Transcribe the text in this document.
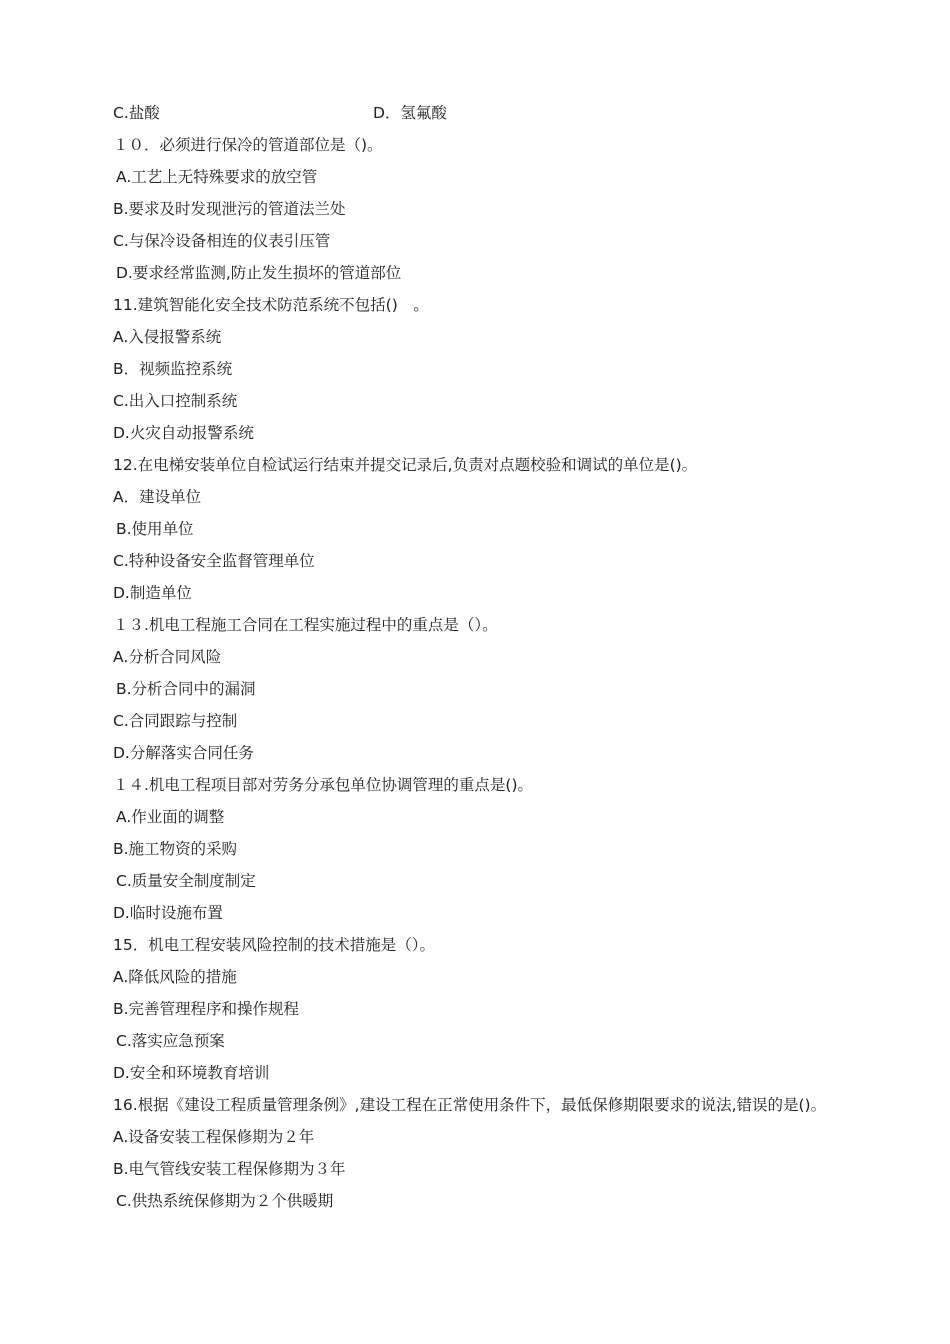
C.盐酸	D．氢氟酸
１０．必须进行保冷的管道部位是（)。
A.工艺上无特殊要求的放空管
B.要求及时发现泄污的管道法兰处
C.与保冷设备相连的仪表引压管
D.要求经常监测,防止发生损坏的管道部位
11.建筑智能化安全技术防范系统不包括()　。
A.入侵报警系统
B．视频监控系统
C.出入口控制系统
D.火灾自动报警系统
12.在电梯安装单位自检试运行结束并提交记录后,负责对点题校验和调试的单位是()。
A．建设单位
B.使用单位
C.特种设备安全监督管理单位
D.制造单位
１３.机电工程施工合同在工程实施过程中的重点是（）。
A.分析合同风险
B.分析合同中的漏洞
C.合同跟踪与控制
D.分解落实合同任务
１４.机电工程项目部对劳务分承包单位协调管理的重点是()。
A.作业面的调整
B.施工物资的采购
C.质量安全制度制定
D.临时设施布置
15．机电工程安装风险控制的技术措施是（）。
A.降低风险的措施
B.完善管理程序和操作规程
C.落实应急预案
D.安全和环境教育培训
16.根据《建设工程质量管理条例》,建设工程在正常使用条件下，最低保修期限要求的说法,错误的是()。
A.设备安装工程保修期为２年
B.电气管线安装工程保修期为３年
C.供热系统保修期为２个供暖期
